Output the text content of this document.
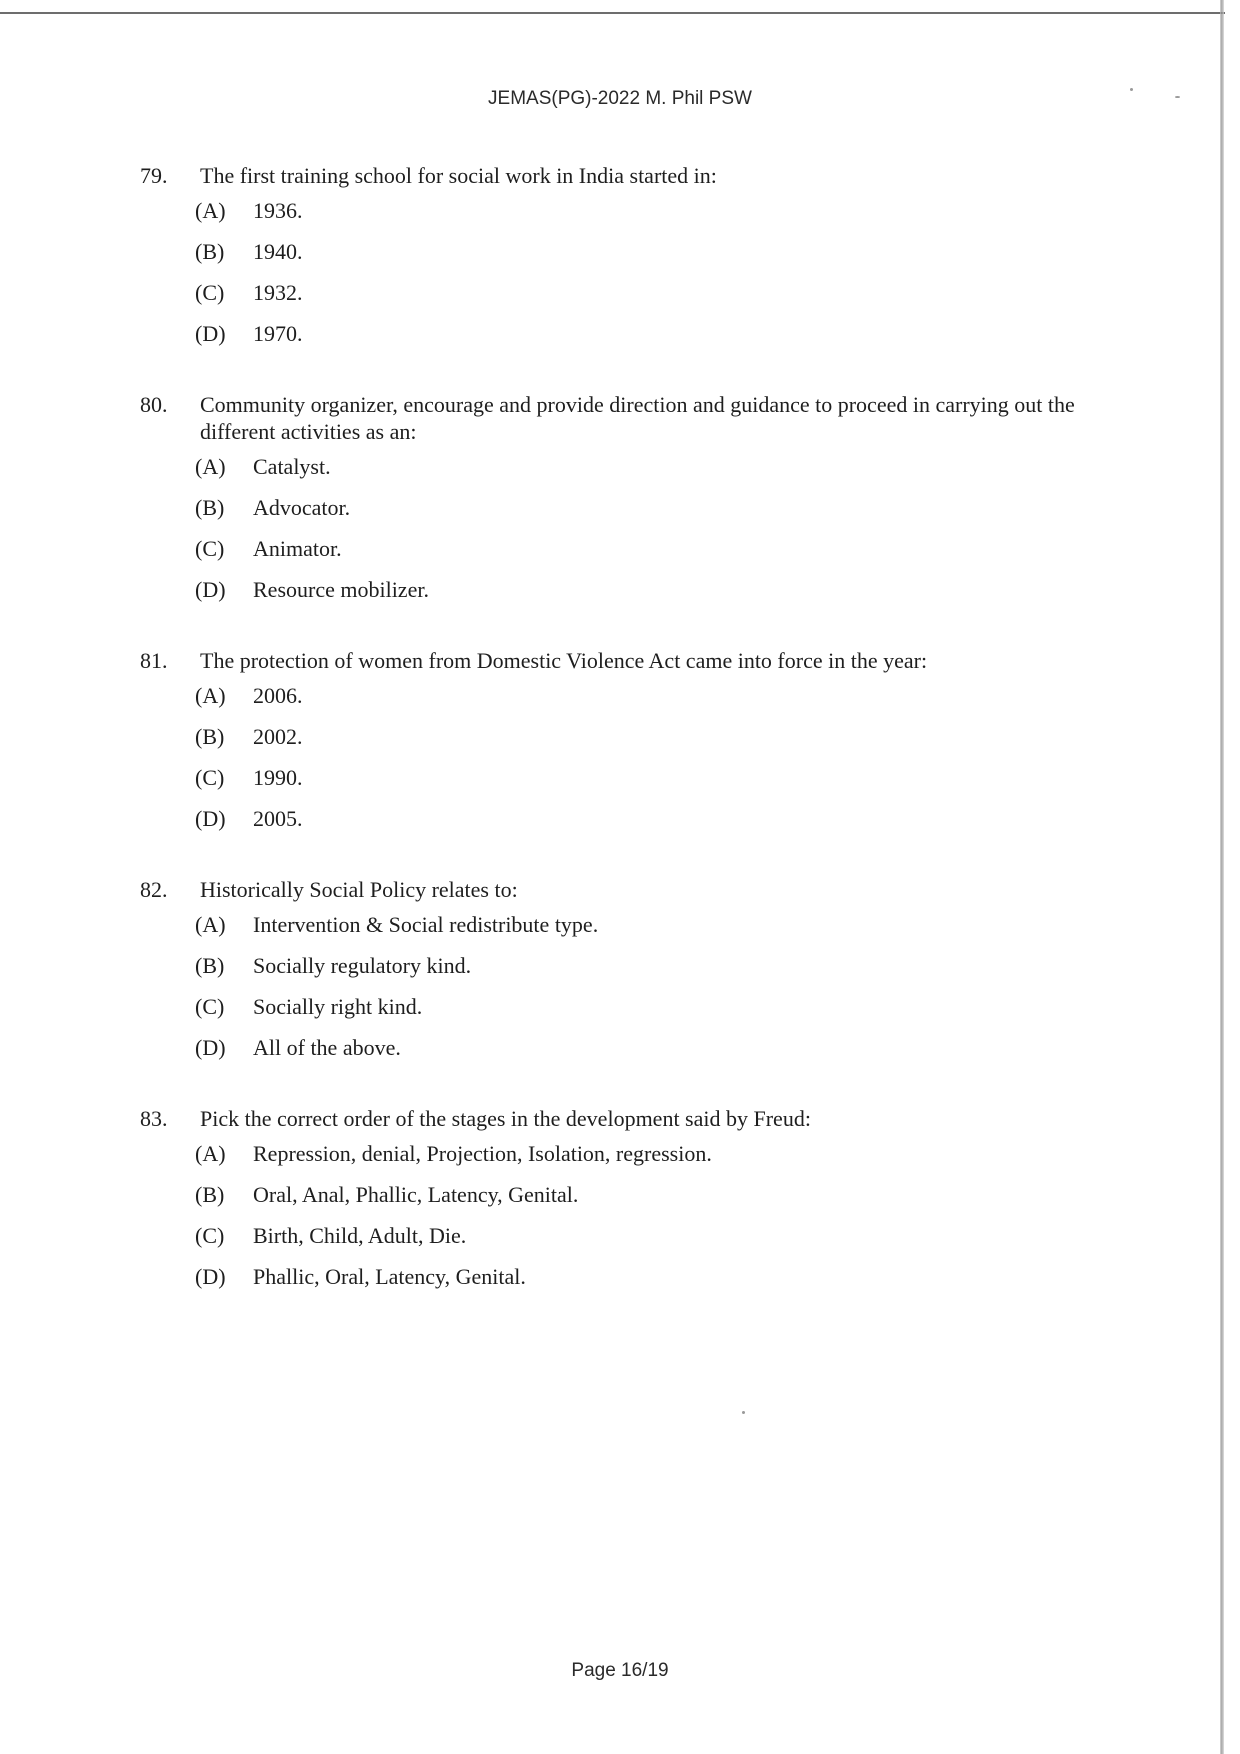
JEMAS(PG)-2022 M. Phil PSW
79.	The first training school for social work in India started in:
(A)	1936.
(B)	1940.
(C)	1932.
(D)	1970.
80.	Community organizer, encourage and provide direction and guidance to proceed in carrying out the different activities as an:
(A)	Catalyst.
(B)	Advocator.
(C)	Animator.
(D)	Resource mobilizer.
81.	The protection of women from Domestic Violence Act came into force in the year:
(A)	2006.
(B)	2002.
(C)	1990.
(D)	2005.
82.	Historically Social Policy relates to:
(A)	Intervention & Social redistribute type.
(B)	Socially regulatory kind.
(C)	Socially right kind.
(D)	All of the above.
83.	Pick the correct order of the stages in the development said by Freud:
(A)	Repression, denial, Projection, Isolation, regression.
(B)	Oral, Anal, Phallic, Latency, Genital.
(C)	Birth, Child, Adult, Die.
(D)	Phallic, Oral, Latency, Genital.
Page 16/19
